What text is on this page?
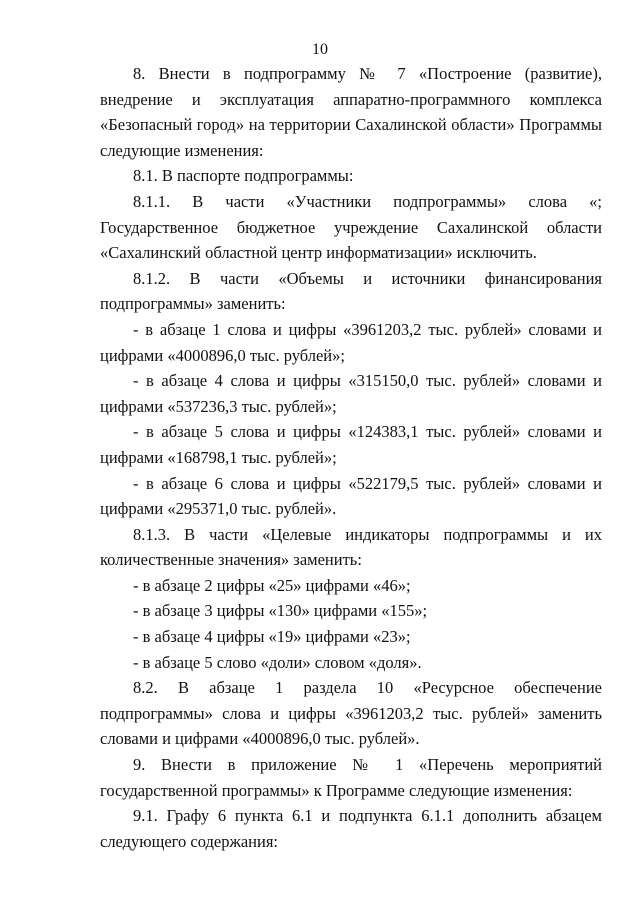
10

8. Внести в подпрограмму № 7 «Построение (развитие), внедрение и эксплуатация аппаратно-программного комплекса «Безопасный город» на территории Сахалинской области» Программы следующие изменения:

8.1. В паспорте подпрограммы:

8.1.1. В части «Участники подпрограммы» слова «; Государственное бюджетное учреждение Сахалинской области «Сахалинский областной центр информатизации» исключить.

8.1.2. В части «Объемы и источники финансирования подпрограммы» заменить:

- в абзаце 1 слова и цифры «3961203,2 тыс. рублей» словами и цифрами «4000896,0 тыс. рублей»;

- в абзаце 4 слова и цифры «315150,0 тыс. рублей» словами и цифрами «537236,3 тыс. рублей»;

- в абзаце 5 слова и цифры «124383,1 тыс. рублей» словами и цифрами «168798,1 тыс. рублей»;

- в абзаце 6 слова и цифры «522179,5 тыс. рублей» словами и цифрами «295371,0 тыс. рублей».

8.1.3. В части «Целевые индикаторы подпрограммы и их количественные значения» заменить:

- в абзаце 2 цифры «25» цифрами «46»;

- в абзаце 3 цифры «130» цифрами «155»;

- в абзаце 4 цифры «19» цифрами «23»;

- в абзаце 5 слово «доли» словом «доля».

8.2. В абзаце 1 раздела 10 «Ресурсное обеспечение подпрограммы» слова и цифры «3961203,2 тыс. рублей» заменить словами и цифрами «4000896,0 тыс. рублей».

9. Внести в приложение № 1 «Перечень мероприятий государственной программы» к Программе следующие изменения:

9.1. Графу 6 пункта 6.1 и подпункта 6.1.1 дополнить абзацем следующего содержания:
